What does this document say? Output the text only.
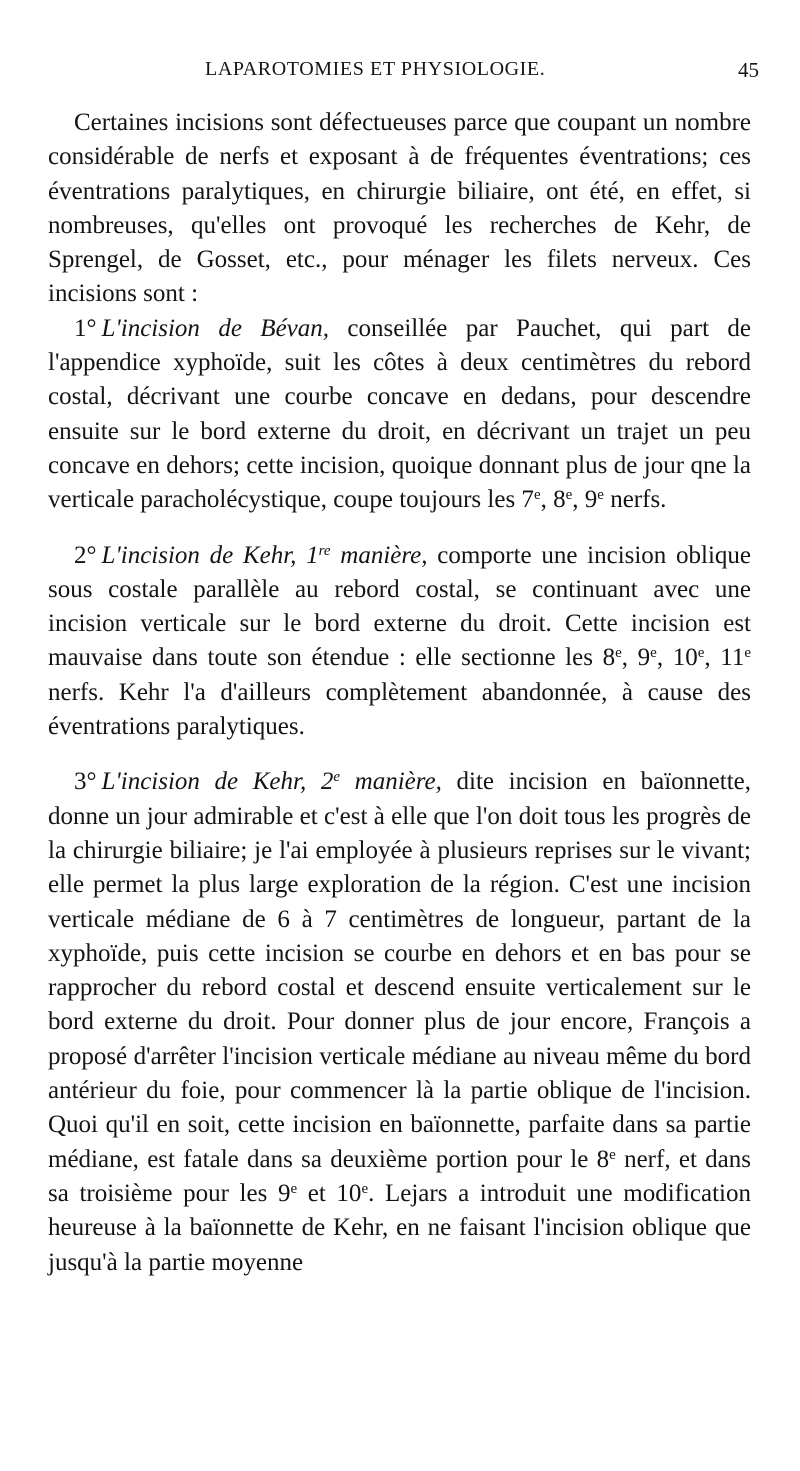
LAPAROTOMIES ET PHYSIOLOGIE.	45

Certaines incisions sont défectueuses parce que coupant un nombre considérable de nerfs et exposant à de fréquentes éventrations; ces éventrations paralytiques, en chirurgie biliaire, ont été, en effet, si nombreuses, qu'elles ont provoqué les recherches de Kehr, de Sprengel, de Gosset, etc., pour ménager les filets nerveux. Ces incisions sont :

1°  L'incision de Bévan, conseillée par Pauchet, qui part de l'appendice xyphoïde, suit les côtes à deux centimètres du rebord costal, décrivant une courbe concave en dedans, pour descendre ensuite sur le bord externe du droit, en décrivant un trajet un peu concave en dehors; cette incision, quoique donnant plus de jour qne la verticale paracholécystique, coupe toujours les 7e, 8e, 9e nerfs.

2°  L'incision de Kehr, 1re manière, comporte une incision oblique sous costale parallèle au rebord costal, se continuant avec une incision verticale sur le bord externe du droit. Cette incision est mauvaise dans toute son étendue : elle sectionne les 8e, 9e, 10e, 11e nerfs. Kehr l'a d'ailleurs complètement abandonnée, à cause des éventrations paralytiques.

3°  L'incision de Kehr, 2e manière, dite incision en baïonnette, donne un jour admirable et c'est à elle que l'on doit tous les progrès de la chirurgie biliaire; je l'ai employée à plusieurs reprises sur le vivant; elle permet la plus large exploration de la région. C'est une incision verticale médiane de 6 à 7 centimètres de longueur, partant de la xyphoïde, puis cette incision se courbe en dehors et en bas pour se rapprocher du rebord costal et descend ensuite verticalement sur le bord externe du droit. Pour donner plus de jour encore, François a proposé d'arrêter l'incision verticale médiane au niveau même du bord antérieur du foie, pour commencer là la partie oblique de l'incision. Quoi qu'il en soit, cette incision en baïonnette, parfaite dans sa partie médiane, est fatale dans sa deuxième portion pour le 8e nerf, et dans sa troisième pour les 9e et 10e. Lejars a introduit une modification heureuse à la baïonnette de Kehr, en ne faisant l'incision oblique que jusqu'à la partie moyenne
